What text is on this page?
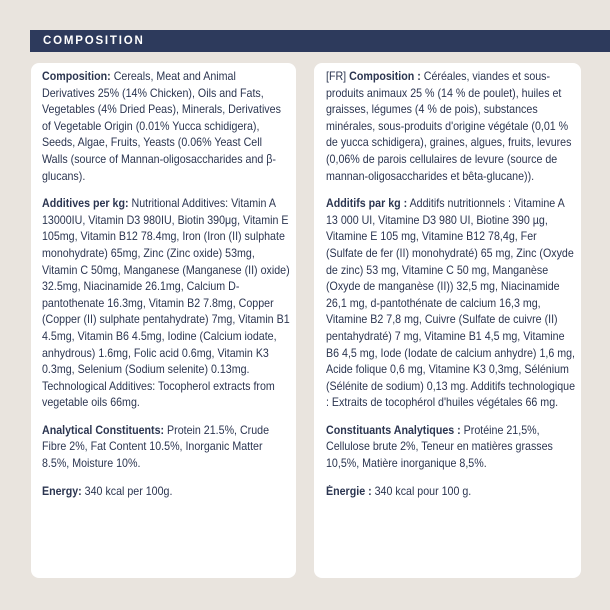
COMPOSITION

Composition: Cereals, Meat and Animal Derivatives 25% (14% Chicken), Oils and Fats, Vegetables (4% Dried Peas), Minerals, Derivatives of Vegetable Origin (0.01% Yucca schidigera), Seeds, Algae, Fruits, Yeasts (0.06% Yeast Cell Walls (source of Mannan-oligosaccharides and β-glucans).

Additives per kg: Nutritional Additives: Vitamin A 13000IU, Vitamin D3 980IU, Biotin 390μg, Vitamin E 105mg, Vitamin B12 78.4mg, Iron (Iron (II) sulphate monohydrate) 65mg, Zinc (Zinc oxide) 53mg, Vitamin C 50mg, Manganese (Manganese (II) oxide) 32.5mg, Niacinamide 26.1mg, Calcium D-pantothenate 16.3mg, Vitamin B2 7.8mg, Copper (Copper (II) sulphate pentahydrate) 7mg, Vitamin B1 4.5mg, Vitamin B6 4.5mg, Iodine (Calcium iodate, anhydrous) 1.6mg, Folic acid 0.6mg, Vitamin K3 0.3mg, Selenium (Sodium selenite) 0.13mg. Technological Additives: Tocopherol extracts from vegetable oils 66mg.

Analytical Constituents: Protein 21.5%, Crude Fibre 2%, Fat Content 10.5%, Inorganic Matter 8.5%, Moisture 10%.

Energy: 340 kcal per 100g.

[FR] Composition : Céréales, viandes et sous-produits animaux 25 % (14 % de poulet), huiles et graisses, légumes (4 % de pois), substances minérales, sous-produits d'origine végétale (0,01 % de yucca schidigera), graines, algues, fruits, levures (0,06% de parois cellulaires de levure (source de mannan-oligosaccharides et bêta-glucane)).

Additifs par kg : Additifs nutritionnels : Vitamine A 13 000 UI, Vitamine D3 980 UI, Biotine 390 µg, Vitamine E 105 mg, Vitamine B12 78,4g, Fer (Sulfate de fer (II) monohydraté) 65 mg, Zinc (Oxyde de zinc) 53 mg, Vitamine C 50 mg, Manganèse (Oxyde de manganèse (II)) 32,5 mg, Niacinamide 26,1 mg, d-pantothénate de calcium 16,3 mg, Vitamine B2 7,8 mg, Cuivre (Sulfate de cuivre (II) pentahydraté) 7 mg, Vitamine B1 4,5 mg, Vitamine B6 4,5 mg, Iode (Iodate de calcium anhydre) 1,6 mg, Acide folique 0,6 mg, Vitamine K3 0,3mg, Sélénium (Sélénite de sodium) 0,13 mg. Additifs technologique : Extraits de tocophérol d'huiles végétales 66 mg.

Constituants Analytiques : Protéine 21,5%, Cellulose brute 2%, Teneur en matières grasses 10,5%, Matière inorganique 8,5%.

Énergie : 340 kcal pour 100 g.
